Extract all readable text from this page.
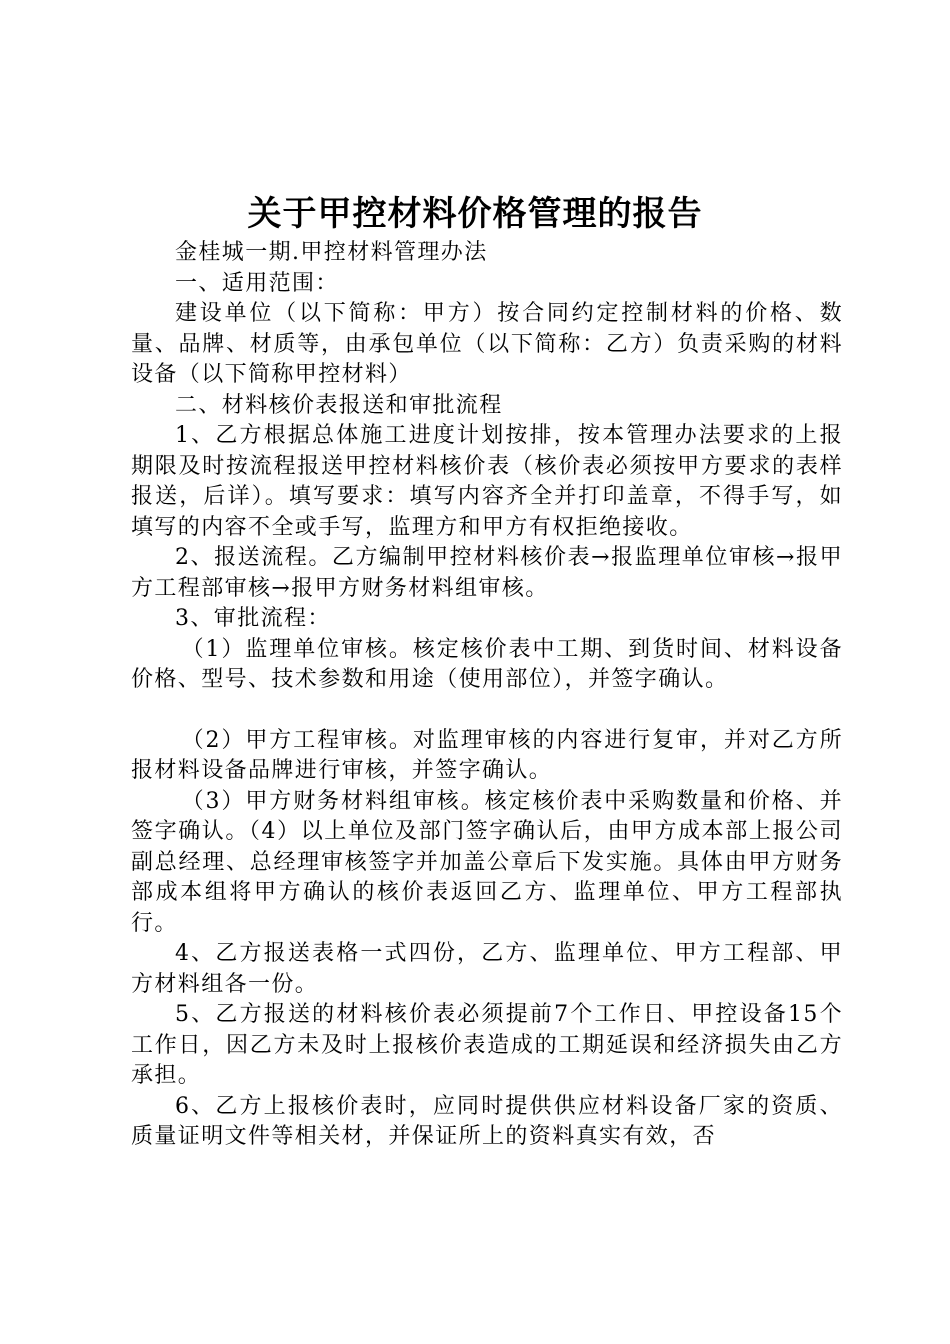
关于甲控材料价格管理的报告

金桂城一期.甲控材料管理办法

一、适用范围：

建设单位（以下简称：甲方）按合同约定控制材料的价格、数量、品牌、材质等，由承包单位（以下简称：乙方）负责采购的材料设备（以下简称甲控材料）

二、材料核价表报送和审批流程

1、乙方根据总体施工进度计划按排，按本管理办法要求的上报期限及时按流程报送甲控材料核价表（核价表必须按甲方要求的表样报送，后详）。填写要求：填写内容齐全并打印盖章，不得手写，如填写的内容不全或手写，监理方和甲方有权拒绝接收。

2、报送流程。乙方编制甲控材料核价表→报监理单位审核→报甲方工程部审核→报甲方财务材料组审核。

3、审批流程：

（1）监理单位审核。核定核价表中工期、到货时间、材料设备价格、型号、技术参数和用途（使用部位），并签字确认。

（2）甲方工程审核。对监理审核的内容进行复审，并对乙方所报材料设备品牌进行审核，并签字确认。

（3）甲方财务材料组审核。核定核价表中采购数量和价格、并签字确认。（4）以上单位及部门签字确认后，由甲方成本部上报公司副总经理、总经理审核签字并加盖公章后下发实施。具体由甲方财务部成本组将甲方确认的核价表返回乙方、监理单位、甲方工程部执行。

4、乙方报送表格一式四份，乙方、监理单位、甲方工程部、甲方材料组各一份。

5、乙方报送的材料核价表必须提前7个工作日、甲控设备15个工作日，因乙方未及时上报核价表造成的工期延误和经济损失由乙方承担。

6、乙方上报核价表时，应同时提供供应材料设备厂家的资质、质量证明文件等相关材，并保证所上的资料真实有效，否
